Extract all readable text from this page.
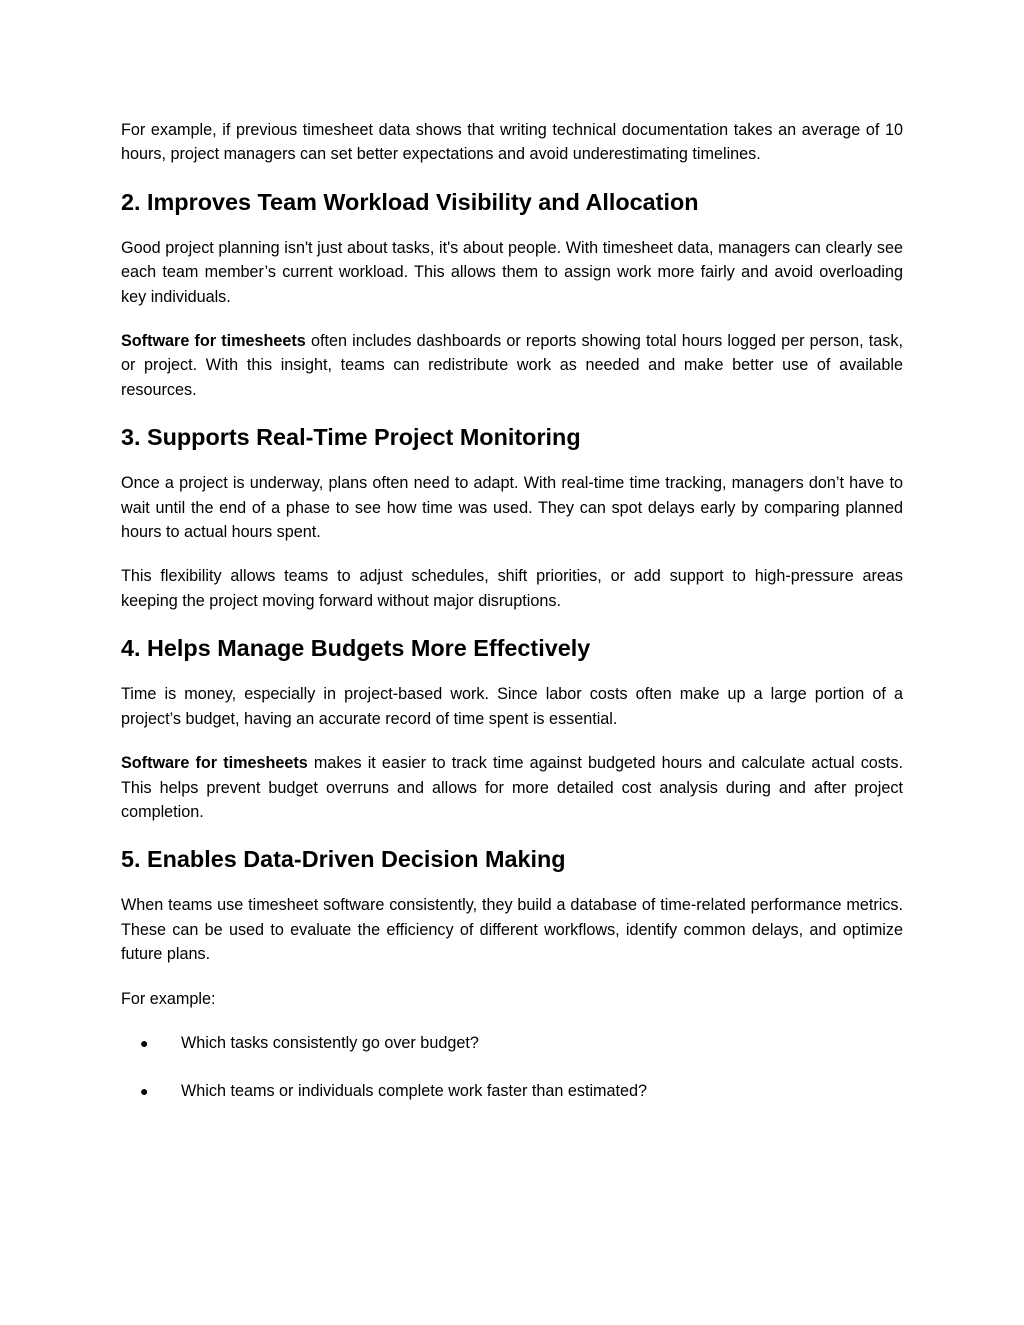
For example, if previous timesheet data shows that writing technical documentation takes an average of 10 hours, project managers can set better expectations and avoid underestimating timelines.

2. Improves Team Workload Visibility and Allocation

Good project planning isn't just about tasks, it's about people. With timesheet data, managers can clearly see each team member’s current workload. This allows them to assign work more fairly and avoid overloading key individuals.

Software for timesheets often includes dashboards or reports showing total hours logged per person, task, or project. With this insight, teams can redistribute work as needed and make better use of available resources.

3. Supports Real-Time Project Monitoring

Once a project is underway, plans often need to adapt. With real-time time tracking, managers don’t have to wait until the end of a phase to see how time was used. They can spot delays early by comparing planned hours to actual hours spent.

This flexibility allows teams to adjust schedules, shift priorities, or add support to high-pressure areas keeping the project moving forward without major disruptions.

4. Helps Manage Budgets More Effectively

Time is money, especially in project-based work. Since labor costs often make up a large portion of a project’s budget, having an accurate record of time spent is essential.

Software for timesheets makes it easier to track time against budgeted hours and calculate actual costs. This helps prevent budget overruns and allows for more detailed cost analysis during and after project completion.

5. Enables Data-Driven Decision Making

When teams use timesheet software consistently, they build a database of time-related performance metrics. These can be used to evaluate the efficiency of different workflows, identify common delays, and optimize future plans.

For example:

● Which tasks consistently go over budget?
● Which teams or individuals complete work faster than estimated?
